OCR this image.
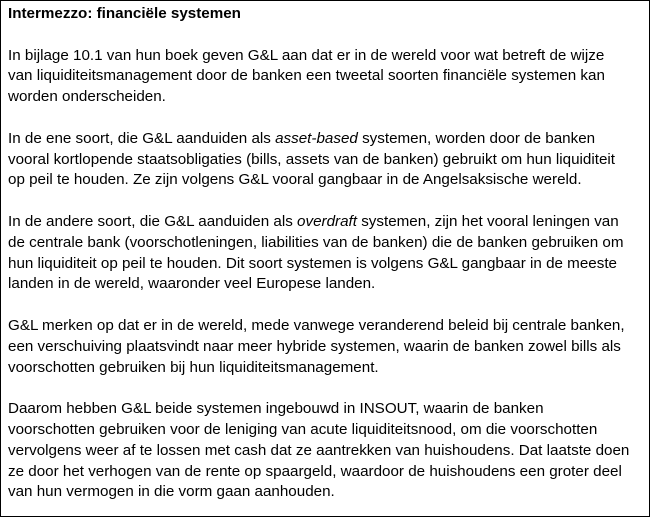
Intermezzo: financiële systemen

In bijlage 10.1 van hun boek geven G&L aan dat er in de wereld voor wat betreft de wijze
van liquiditeitsmanagement door de banken een tweetal soorten financiële systemen kan
worden onderscheiden.

In de ene soort, die G&L aanduiden als asset-based systemen, worden door de banken
vooral kortlopende staatsobligaties (bills, assets van de banken) gebruikt om hun liquiditeit
op peil te houden. Ze zijn volgens G&L vooral gangbaar in de Angelsaksische wereld.

In de andere soort, die G&L aanduiden als overdraft systemen, zijn het vooral leningen van
de centrale bank (voorschotleningen, liabilities van de banken) die de banken gebruiken om
hun liquiditeit op peil te houden. Dit soort systemen is volgens G&L gangbaar in de meeste
landen in de wereld, waaronder veel Europese landen.

G&L merken op dat er in de wereld, mede vanwege veranderend beleid bij centrale banken,
een verschuiving plaatsvindt naar meer hybride systemen, waarin de banken zowel bills als
voorschotten gebruiken bij hun liquiditeitsmanagement.

Daarom hebben G&L beide systemen ingebouwd in INSOUT, waarin de banken
voorschotten gebruiken voor de leniging van acute liquiditeitsnood, om die voorschotten
vervolgens weer af te lossen met cash dat ze aantrekken van huishoudens. Dat laatste doen
ze door het verhogen van de rente op spaargeld, waardoor de huishoudens een groter deel
van hun vermogen in die vorm gaan aanhouden.
